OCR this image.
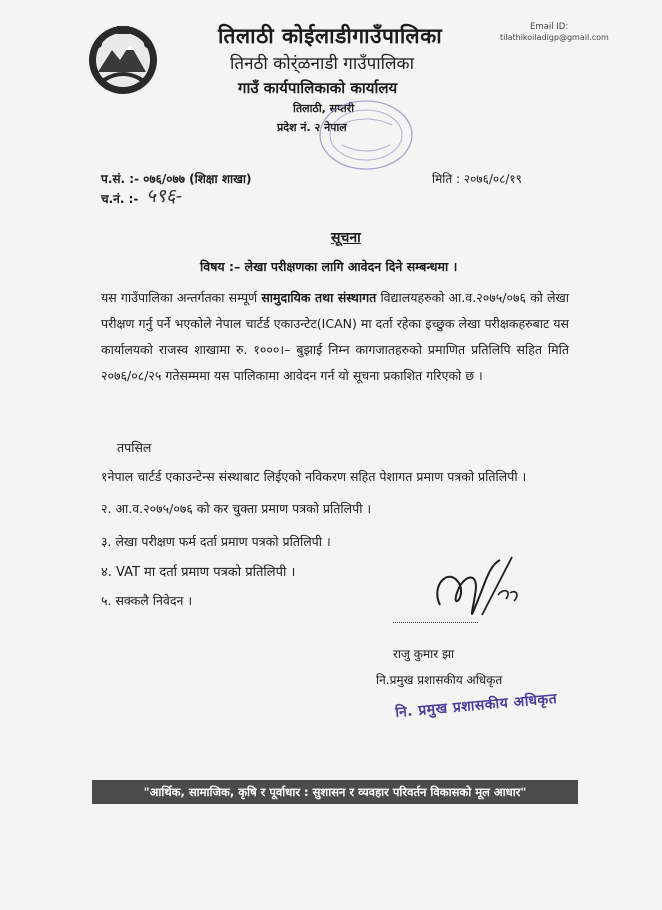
तिलाठी कोईलाडीगाउँपालिका
तिनठी कोर्ंळनाडी गाउँपालिका
गाउँ कार्यपालिकाको कार्यालय
तिलाठी, सप्तरी
प्रदेश नं. २ नेपाल
Email ID:
tilathikoiladigp@gmail.com
प.सं. :- ०७६/०७७ (शिक्षा शाखा)
च.नं. :- ५९६-
मिति : २०७६/०८/१९
सूचना
विषय :– लेखा परीक्षणका लागि आवेदन दिने सम्बन्धमा ।
यस गाउँपालिका अन्तर्गतका सम्पूर्ण सामुदायिक तथा संस्थागत विद्यालयहरुको आ.व.२०७५/०७६ को लेखा परीक्षण गर्नु पर्ने भएकोले नेपाल चार्टर्ड एकाउन्टेट(ICAN) मा दर्ता रहेका इच्छुक लेखा परीक्षकहरुबाट यस कार्यालयको राजस्व शाखामा रु. १०००।– बुझाई निम्न कागजातहरुको प्रमाणित प्रतिलिपि सहित मिति २०७६/०८/२५ गतेसम्ममा यस पालिकामा आवेदन गर्न यो सूचना प्रकाशित गरिएको छ ।
तपसिल
१नेपाल चार्टर्ड एकाउन्टेन्स संस्थाबाट लिईएको नविकरण सहित पेशागत प्रमाण पत्रको प्रतिलिपी ।
२. आ.व.२०७५/०७६ को कर चुक्ता प्रमाण पत्रको प्रतिलिपी ।
३. लेखा परीक्षण फर्म दर्ता प्रमाण पत्रको प्रतिलिपी ।
४. VAT मा दर्ता प्रमाण पत्रको प्रतिलिपी ।
५. सक्कलै निवेदन ।
राजु कुमार झा
नि.प्रमुख प्रशासकीय अधिकृत
नि. प्रमुख प्रशासकीय अधिकृत
"आर्थिक, सामाजिक, कृषि र पूर्वाधार : सुशासन र व्यवहार परिवर्तन विकासको मूल आधार"
